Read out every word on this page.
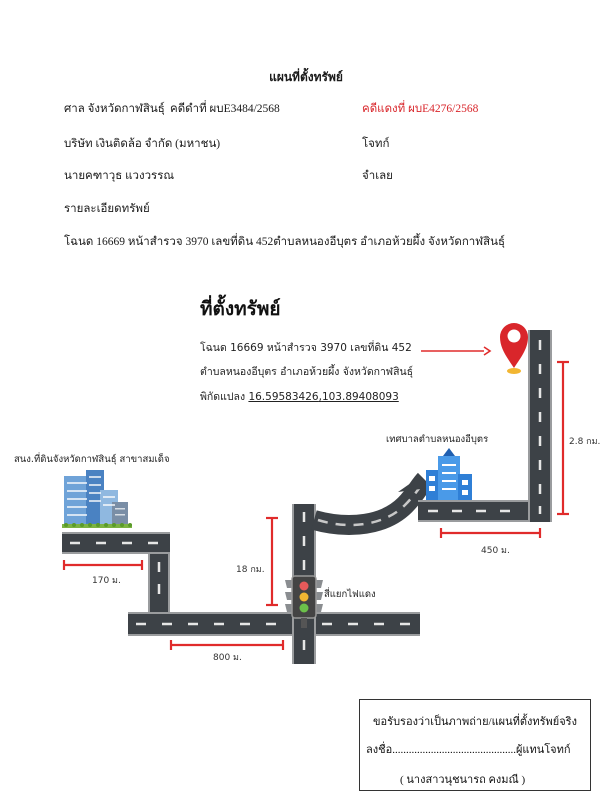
แผนที่ตั้งทรัพย์
ศาล จังหวัดกาฬสินธุ์ คดีดำที่ ผบE3484/2568	คดีแดงที่ ผบE4276/2568
บริษัท เงินติดล้อ จำกัด (มหาชน)	โจทก์
นายคฑาวุธ แวงวรรณ	จำเลย
รายละเอียดทรัพย์
โฉนด 16669 หน้าสำรวจ 3970 เลขที่ดิน 452ตำบลหนองอีบุตร อำเภอห้วยผึ้ง จังหวัดกาฬสินธุ์
ที่ตั้งทรัพย์
โฉนด 16669 หน้าสำรวจ 3970 เลขที่ดิน 452
ตำบลหนองอีบุตร อำเภอห้วยผึ้ง จังหวัดกาฬสินธุ์
พิกัดแปลง 16.59583426,103.89408093
สนง.ที่ดินจังหวัดกาฬสินธุ์ สาขาสมเด็จ
เทศบาลตำบลหนองอีบุตร
สี่แยกไฟแดง
170 ม.
800 ม.
18 กม.
450 ม.
2.8 กม.
ขอรับรองว่าเป็นภาพถ่าย/แผนที่ตั้งทรัพย์จริง
ลงชื่อ.............................................ผู้แทนโจทก์
( นางสาวนุชนารถ คงมณี )
